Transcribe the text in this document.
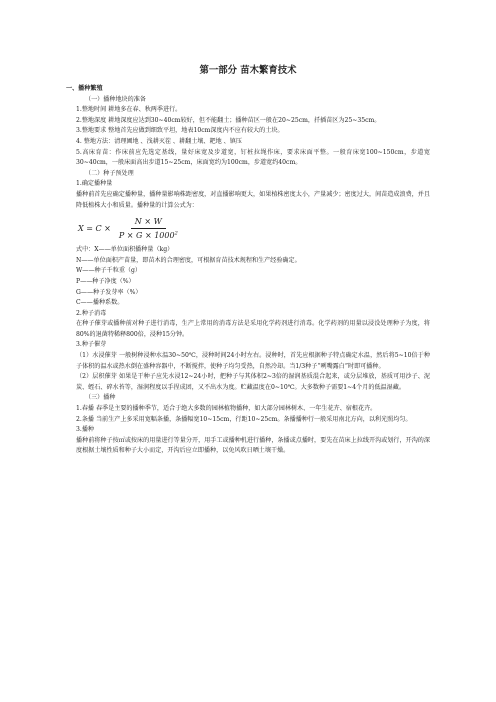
第一部分 苗木繁育技术
一、播种繁殖
（一）播种地块的准备
1.整地时间 耕地多在春、秋两季进行。
2.整地深度 耕地深度应达到30~40cm较好，但不能翻土；播种苗区一般在20~25cm，扦插苗区为25~35cm。
3.整地要求 整地首先应做到细致平坦，地表10cm深度内不应有较大的土块。
4. 整地方法：清理圃地 、浅耕灭茬 、耕翻土壤、耙地 、镇压
5.高床育苗：作床前应先选定基线，量好床宽及步道宽，钉桩拉绳作床，要求床面平整。一般育床宽100~150cm，步道宽30~40cm，一般床面高出步道15~25cm，床面宽约为100cm，步道宽约40cm。
（二）种子预处理
1.确定播种量
播种前首先应确定播种量，播种量影响株距密度，对直播影响更大，如果植株密度太小，产量减少；密度过大，间苗造成浪费，并且降低植株大小和质量。播种量的计算公式为：
$X = C \times \frac{N \times W}{P \times G \times 1000^2}$
式中：X——单位面积播种量（kg）
N——单位面积产苗量，即苗木的合理密度，可根据育苗技术规程和生产经验确定。
W——种子千粒重（g）
P——种子净度（%）
G——种子发芽率（%）
C——播种系数。
2.种子消毒
在种子催芽或播种前对种子进行消毒，生产上常用的消毒方法是采用化学药剂进行消毒。化学药剂的用量以浸没处理种子为度，将80%的退菌特稀释800倍，浸种15分钟。
3.种子催芽
（1）水浸催芽 一般树种浸种水温30~50℃，浸种时间24小时左右。浸种时，首先应根据种子特点确定水温，然后将5~10倍于种子体积的温水或热水倒在盛种容器中，不断搅拌，使种子均匀受热，自然冷却。当1/3种子“咧嘴露白”时即可播种。
（2）层积催芽 如果是干种子应先水浸12~24小时，把种子与其体积2~3倍的湿润基质混合起来，或分层堆放，基质可用沙子、泥炭、蛭石、碎水苔等，湿润程度以手捏成团，又不出水为度。贮藏温度在0~10℃。大多数种子需要1~4个月的低温湿藏。
（三）播种
1.春播 春季是主要的播种季节，适合于绝大多数的园林植物播种，如大部分园林树木、一年生花卉、宿根花卉。
2.条播 当前生产上多采用宽幅条播，条播幅宽10~15cm，行距10~25cm。条播播种行一般采用南北方向，以利光照均匀。
3.播种
播种前将种子按㎡或按床的用量进行等量分开，用手工或播种机进行播种，条播或点播时，要先在苗床上拉线开沟或划行，开沟的深度根据土壤性质和种子大小而定，开沟后应立即播种，以免风吹日晒土壤干燥。
